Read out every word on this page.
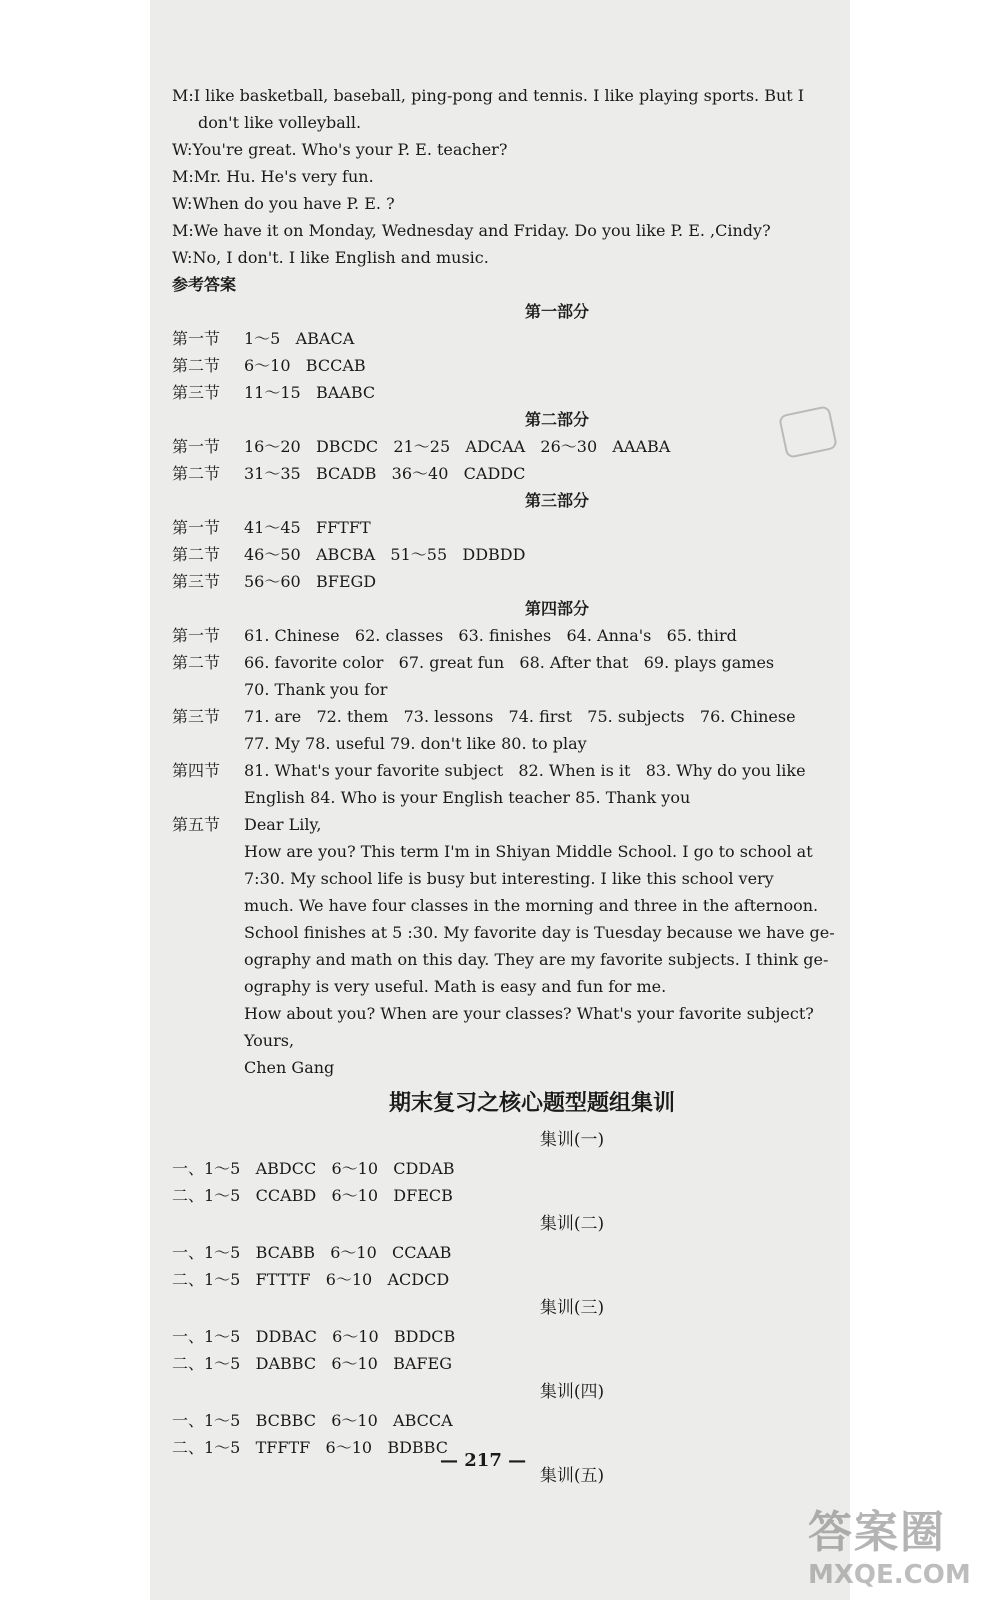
M:I like basketball, baseball, ping-pong and tennis. I like playing sports. But I
don't like volleyball.
W:You're great. Who's your P. E. teacher?
M:Mr. Hu. He's very fun.
W:When do you have P. E. ?
M:We have it on Monday, Wednesday and Friday. Do you like P. E. ,Cindy?
W:No, I don't. I like English and music.
参考答案
第一部分
第一节 1～5   ABACA
第二节 6～10   BCCAB
第三节 11～15   BAABC
第二部分
第一节 16～20   DBCDC   21～25   ADCAA   26～30   AAABA
第二节 31～35   BCADB   36～40   CADDC
第三部分
第一节 41～45   FFTFT
第二节 46～50   ABCBA   51～55   DDBDD
第三节 56～60   BFEGD
第四部分
第一节 61. Chinese   62. classes   63. finishes   64. Anna's   65. third
第二节 66. favorite color   67. great fun   68. After that   69. plays games
70. Thank you for
第三节 71. are   72. them   73. lessons   74. first   75. subjects   76. Chinese
77. My 78. useful 79. don't like 80. to play
第四节 81. What's your favorite subject   82. When is it   83. Why do you like
English 84. Who is your English teacher 85. Thank you
第五节 Dear Lily,
How are you? This term I'm in Shiyan Middle School. I go to school at
7:30. My school life is busy but interesting. I like this school very
much. We have four classes in the morning and three in the afternoon.
School finishes at 5 :30. My favorite day is Tuesday because we have ge-
ography and math on this day. They are my favorite subjects. I think ge-
ography is very useful. Math is easy and fun for me.
How about you? When are your classes? What's your favorite subject?
Yours,
Chen Gang
期末复习之核心题型题组集训
集训(一)
一、1～5   ABDCC   6～10   CDDAB
二、1～5   CCABD   6～10   DFECB
集训(二)
一、1～5   BCABB   6～10   CCAAB
二、1～5   FTTTF   6～10   ACDCD
集训(三)
一、1～5   DDBAC   6～10   BDDCB
二、1～5   DABBC   6～10   BAFEG
集训(四)
一、1～5   BCBBC   6～10   ABCCA
二、1～5   TFFTF   6～10   BDBBC
集训(五)
— 217 —
答案圈
MXQE.COM
